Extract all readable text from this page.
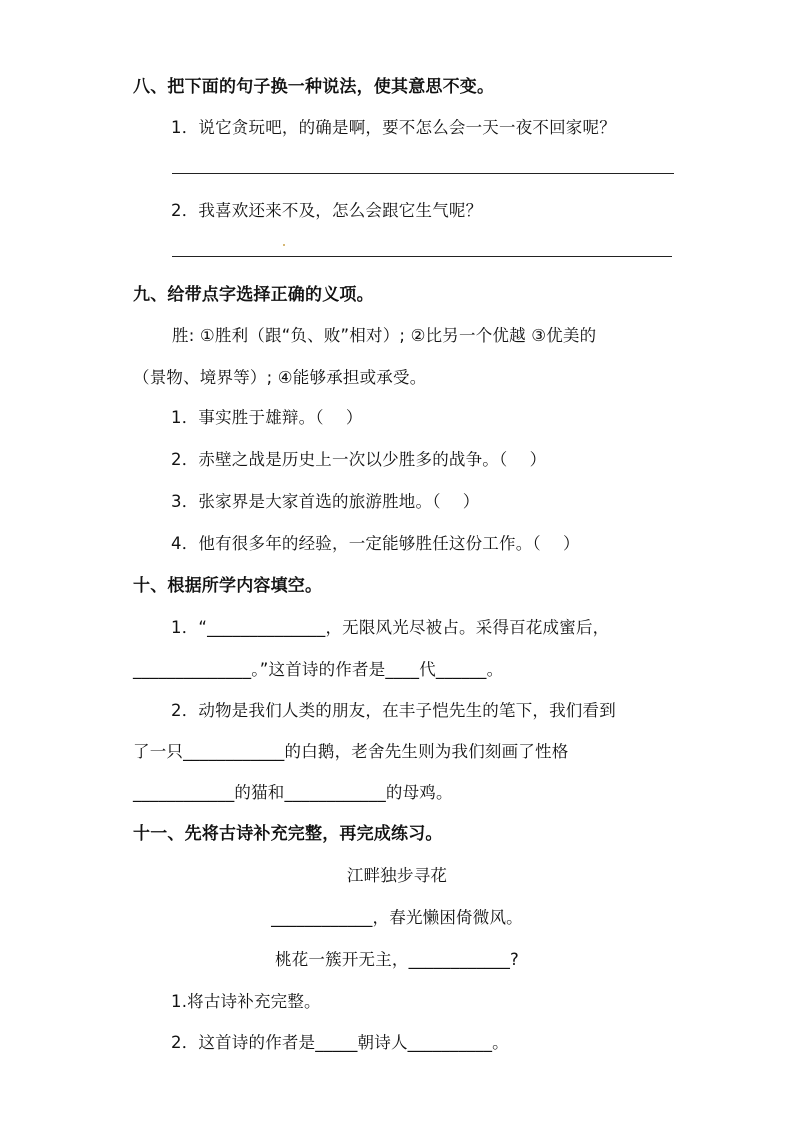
八、把下面的句子换一种说法，使其意思不变。
1．说它贪玩吧，的确是啊，要不怎么会一天一夜不回家呢？
2．我喜欢还来不及，怎么会跟它生气呢？
九、给带点字选择正确的义项。
胜: ①胜利（跟“负、败”相对）; ②比另一个优越 ③优美的
（景物、境界等）; ④能够承担或承受。
1．事实胜于雄辩。（　 ）
2．赤壁之战是历史上一次以少胜多的战争。（　 ）
3．张家界是大家首选的旅游胜地。（　 ）
4．他有很多年的经验，一定能够胜任这份工作。（　 ）
十、根据所学内容填空。
1．“______________，无限风光尽被占。采得百花成蜜后，
______________。”这首诗的作者是____代______。
2．动物是我们人类的朋友，在丰子恺先生的笔下，我们看到
了一只____________的白鹅，老舍先生则为我们刻画了性格
____________的猫和____________的母鸡。
十一、先将古诗补充完整，再完成练习。
江畔独步寻花
____________，春光懒困倚微风。
桃花一簇开无主，____________?
1.将古诗补充完整。
2．这首诗的作者是_____朝诗人__________。
